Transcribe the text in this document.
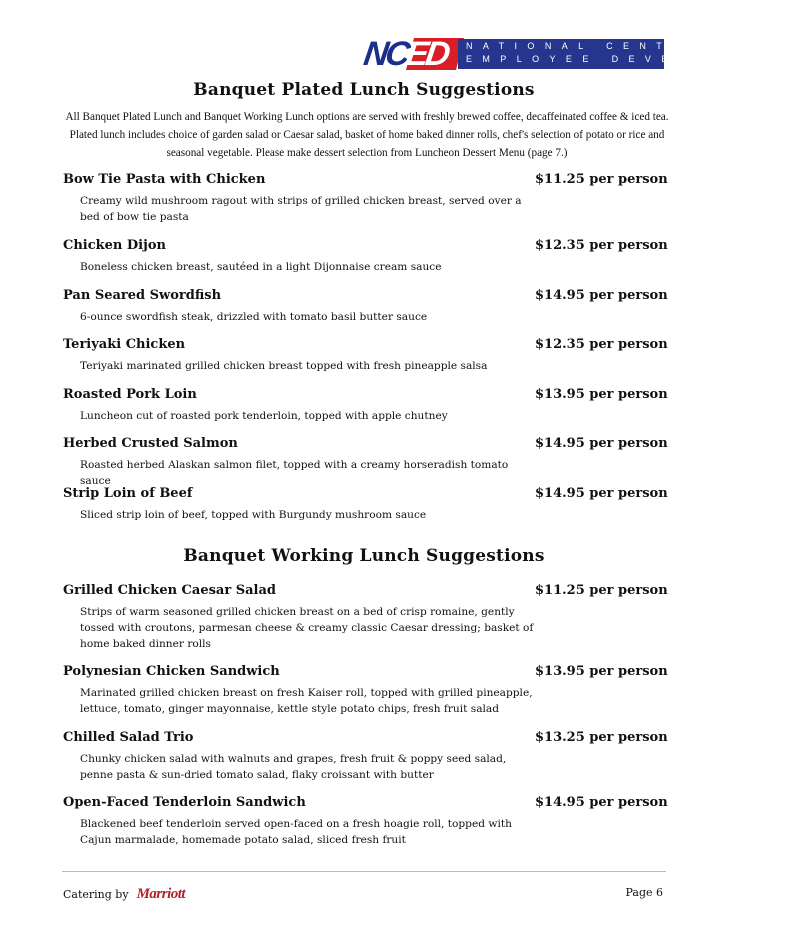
NC
ED NATIONAL CENTER FOR
EMPLOYEE DEVELOPMENT
Banquet Plated Lunch Suggestions

All Banquet Plated Lunch and Banquet Working Lunch options are served with freshly brewed coffee, decaffeinated coffee & iced tea. Plated lunch includes choice of garden salad or Caesar salad, basket of home baked dinner rolls, chef's selection of potato or rice and seasonal vegetable. Please make dessert selection from Luncheon Dessert Menu (page 7.)

Bow Tie Pasta with Chicken	$11.25 per person
Creamy wild mushroom ragout with strips of grilled chicken breast, served over a bed of bow tie pasta
Chicken Dijon	$12.35 per person
Boneless chicken breast, sautéed in a light Dijonnaise cream sauce
Pan Seared Swordfish	$14.95 per person
6-ounce swordfish steak, drizzled with tomato basil butter sauce
Teriyaki Chicken	$12.35 per person
Teriyaki marinated grilled chicken breast topped with fresh pineapple salsa
Roasted Pork Loin	$13.95 per person
Luncheon cut of roasted pork tenderloin, topped with apple chutney
Herbed Crusted Salmon	$14.95 per person
Roasted herbed Alaskan salmon filet, topped with a creamy horseradish tomato sauce
Strip Loin of Beef	$14.95 per person
Sliced strip loin of beef, topped with Burgundy mushroom sauce
Banquet Working Lunch Suggestions
Grilled Chicken Caesar Salad	$11.25 per person
Strips of warm seasoned grilled chicken breast on a bed of crisp romaine, gently tossed with croutons, parmesan cheese & creamy classic Caesar dressing; basket of home baked dinner rolls
Polynesian Chicken Sandwich	$13.95 per person
Marinated grilled chicken breast on fresh Kaiser roll, topped with grilled pineapple, lettuce, tomato, ginger mayonnaise, kettle style potato chips, fresh fruit salad
Chilled Salad Trio	$13.25 per person
Chunky chicken salad with walnuts and grapes, fresh fruit & poppy seed salad, penne pasta & sun-dried tomato salad, flaky croissant with butter
Open-Faced Tenderloin Sandwich	$14.95 per person
Blackened beef tenderloin served open-faced on a fresh hoagie roll, topped with Cajun marmalade, homemade potato salad, sliced fresh fruit
Catering by Marriott	Page 6
